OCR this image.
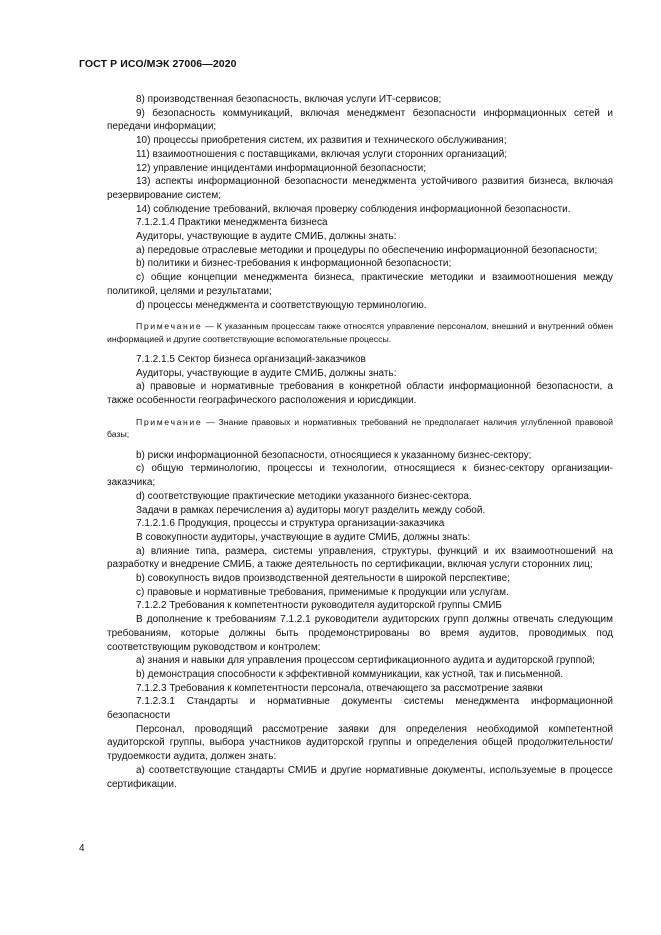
ГОСТ Р ИСО/МЭК 27006—2020

8) производственная безопасность, включая услуги ИТ-сервисов;

9) безопасность коммуникаций, включая менеджмент безопасности информационных сетей и передачи информации;

10) процессы приобретения систем, их развития и технического обслуживания;

11) взаимоотношения с поставщиками, включая услуги сторонних организаций;

12) управление инцидентами информационной безопасности;

13) аспекты информационной безопасности менеджмента устойчивого развития бизнеса, включая резервирование систем;

14) соблюдение требований, включая проверку соблюдения информационной безопасности.

7.1.2.1.4 Практики менеджмента бизнеса

Аудиторы, участвующие в аудите СМИБ, должны знать:

а) передовые отраслевые методики и процедуры по обеспечению информационной безопасности;

b) политики и бизнес-требования к информационной безопасности;

с) общие концепции менеджмента бизнеса, практические методики и взаимоотношения между политикой, целями и результатами;

d) процессы менеджмента и соответствующую терминологию.

Примечание — К указанным процессам также относятся управление персоналом, внешний и внутренний обмен информацией и другие соответствующие вспомогательные процессы.

7.1.2.1.5 Сектор бизнеса организаций-заказчиков

Аудиторы, участвующие в аудите СМИБ, должны знать:

а) правовые и нормативные требования в конкретной области информационной безопасности, а также особенности географического расположения и юрисдикции.

Примечание — Знание правовых и нормативных требований не предполагает наличия углубленной правовой базы;

b) риски информационной безопасности, относящиеся к указанному бизнес-сектору;

с) общую терминологию, процессы и технологии, относящиеся к бизнес-сектору организации-заказчика;

d) соответствующие практические методики указанного бизнес-сектора.

Задачи в рамках перечисления а) аудиторы могут разделить между собой.

7.1.2.1.6 Продукция, процессы и структура организации-заказчика

В совокупности аудиторы, участвующие в аудите СМИБ, должны знать:

а) влияние типа, размера, системы управления, структуры, функций и их взаимоотношений на разработку и внедрение СМИБ, а также деятельность по сертификации, включая услуги сторонних лиц;

b) совокупность видов производственной деятельности в широкой перспективе;

с) правовые и нормативные требования, применимые к продукции или услугам.

7.1.2.2 Требования к компетентности руководителя аудиторской группы СМИБ

В дополнение к требованиям 7.1.2.1 руководители аудиторских групп должны отвечать следующим требованиям, которые должны быть продемонстрированы во время аудитов, проводимых под соответствующим руководством и контролем:

а) знания и навыки для управления процессом сертификационного аудита и аудиторской группой;

b) демонстрация способности к эффективной коммуникации, как устной, так и письменной.

7.1.2.3 Требования к компетентности персонала, отвечающего за рассмотрение заявки

7.1.2.3.1 Стандарты и нормативные документы системы менеджмента информационной безопасности

Персонал, проводящий рассмотрение заявки для определения необходимой компетентной аудиторской группы, выбора участников аудиторской группы и определения общей продолжительности/трудоемкости аудита, должен знать:

а) соответствующие стандарты СМИБ и другие нормативные документы, используемые в процессе сертификации.

4
